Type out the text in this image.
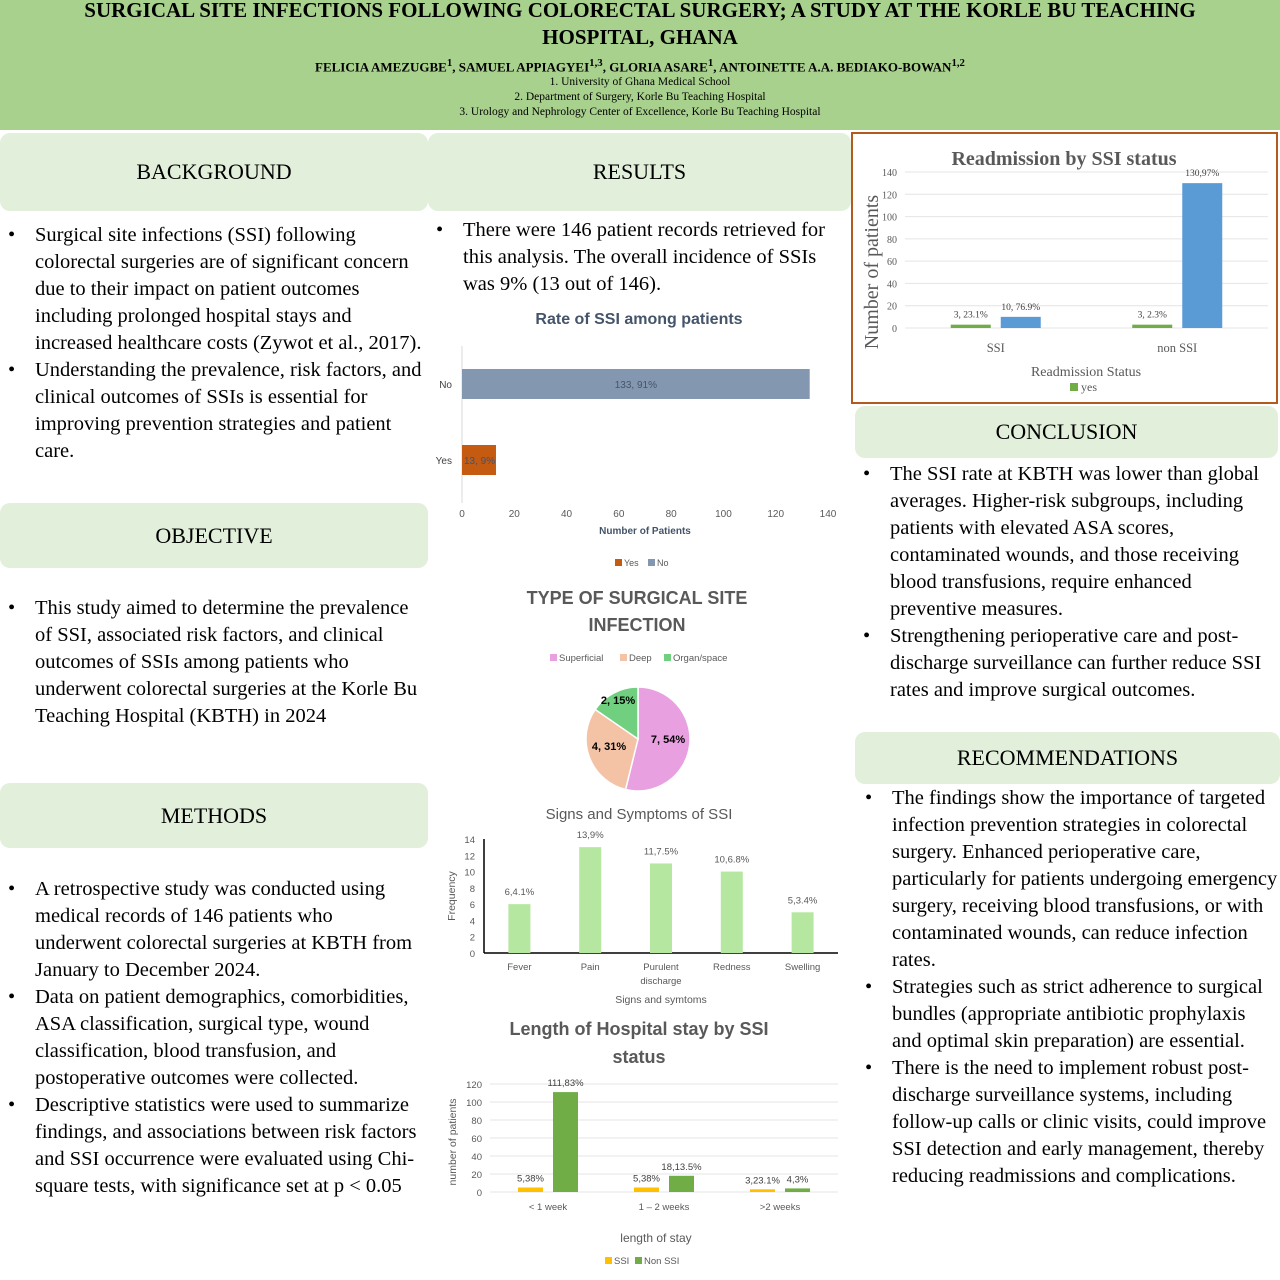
SURGICAL SITE INFECTIONS FOLLOWING COLORECTAL SURGERY; A STUDY AT THE KORLE BU TEACHING HOSPITAL, GHANA
FELICIA AMEZUGBE$^1$, SAMUEL APPIAGYEI$^{1,3}$, GLORIA ASARE$^1$, ANTOINETTE A.A. BEDIAKO-BOWAN$^{1,2}$
1. University of Ghana Medical School
2. Department of Surgery, Korle Bu Teaching Hospital
3. Urology and Nephrology Center of Excellence, Korle Bu Teaching Hospital
BACKGROUND
• Surgical site infections (SSI) following colorectal surgeries are of significant concern due to their impact on patient outcomes including prolonged hospital stays and increased healthcare costs (Zywot et al., 2017).
• Understanding the prevalence, risk factors, and clinical outcomes of SSIs is essential for improving prevention strategies and patient care.
OBJECTIVE
• This study aimed to determine the prevalence of SSI, associated risk factors, and clinical outcomes of SSIs among patients who underwent colorectal surgeries at the Korle Bu Teaching Hospital (KBTH) in 2024
METHODS
• A retrospective study was conducted using medical records of 146 patients who underwent colorectal surgeries at KBTH from January to December 2024.
• Data on patient demographics, comorbidities, ASA classification, surgical type, wound classification, blood transfusion, and postoperative outcomes were collected.
• Descriptive statistics were used to summarize findings, and associations between risk factors and SSI occurrence were evaluated using Chi-square tests, with significance set at p < 0.05
RESULTS
• There were 146 patient records retrieved for this analysis. The overall incidence of SSIs was 9% (13 out of 146).
Rate of SSI among patients
0	20	40	60	80	100	120	140
No	133, 91%
Yes 13, 9%
Number of Patients
Yes No
TYPE OF SURGICAL SITE
INFECTION
Superficial	Deep Organ/space
7, 54%
4, 31%
2, 15%
Signs and Symptoms of SSI
0
2
4
6
8
10
12
14
6,4.1%
Fever
13,9%
Pain
11,7.5%
Purulent
discharge
10,6.8%
Redness
5,3.4%
Swelling
Signs and symtoms
Frequency
Length of Hospital stay by SSI
status
0
20
40
60
80
100
120
5,38%
111,83%
< 1 week
5,38%
18,13.5%
1 – 2 weeks
3,23.1% 4,3%
>2 weeks
length of stay
number of patients
SSI Non SSI
Readmission by SSI status
0
20
40
60
80
100
120
140
3, 23.1%
10, 76.9%
SSI
3, 2.3%
130,97%
non SSI
Readmission Status
Number of patients
yes
CONCLUSION
• The SSI rate at KBTH was lower than global averages. Higher-risk subgroups, including patients with elevated ASA scores, contaminated wounds, and those receiving blood transfusions, require enhanced preventive measures.
• Strengthening perioperative care and post-discharge surveillance can further reduce SSI rates and improve surgical outcomes.
RECOMMENDATIONS
• The findings show the importance of targeted infection prevention strategies in colorectal surgery. Enhanced perioperative care, particularly for patients undergoing emergency surgery, receiving blood transfusions, or with contaminated wounds, can reduce infection rates.
• Strategies such as strict adherence to surgical bundles (appropriate antibiotic prophylaxis and optimal skin preparation) are essential.
• There is the need to implement robust post-discharge surveillance systems, including follow-up calls or clinic visits, could improve SSI detection and early management, thereby reducing readmissions and complications.
